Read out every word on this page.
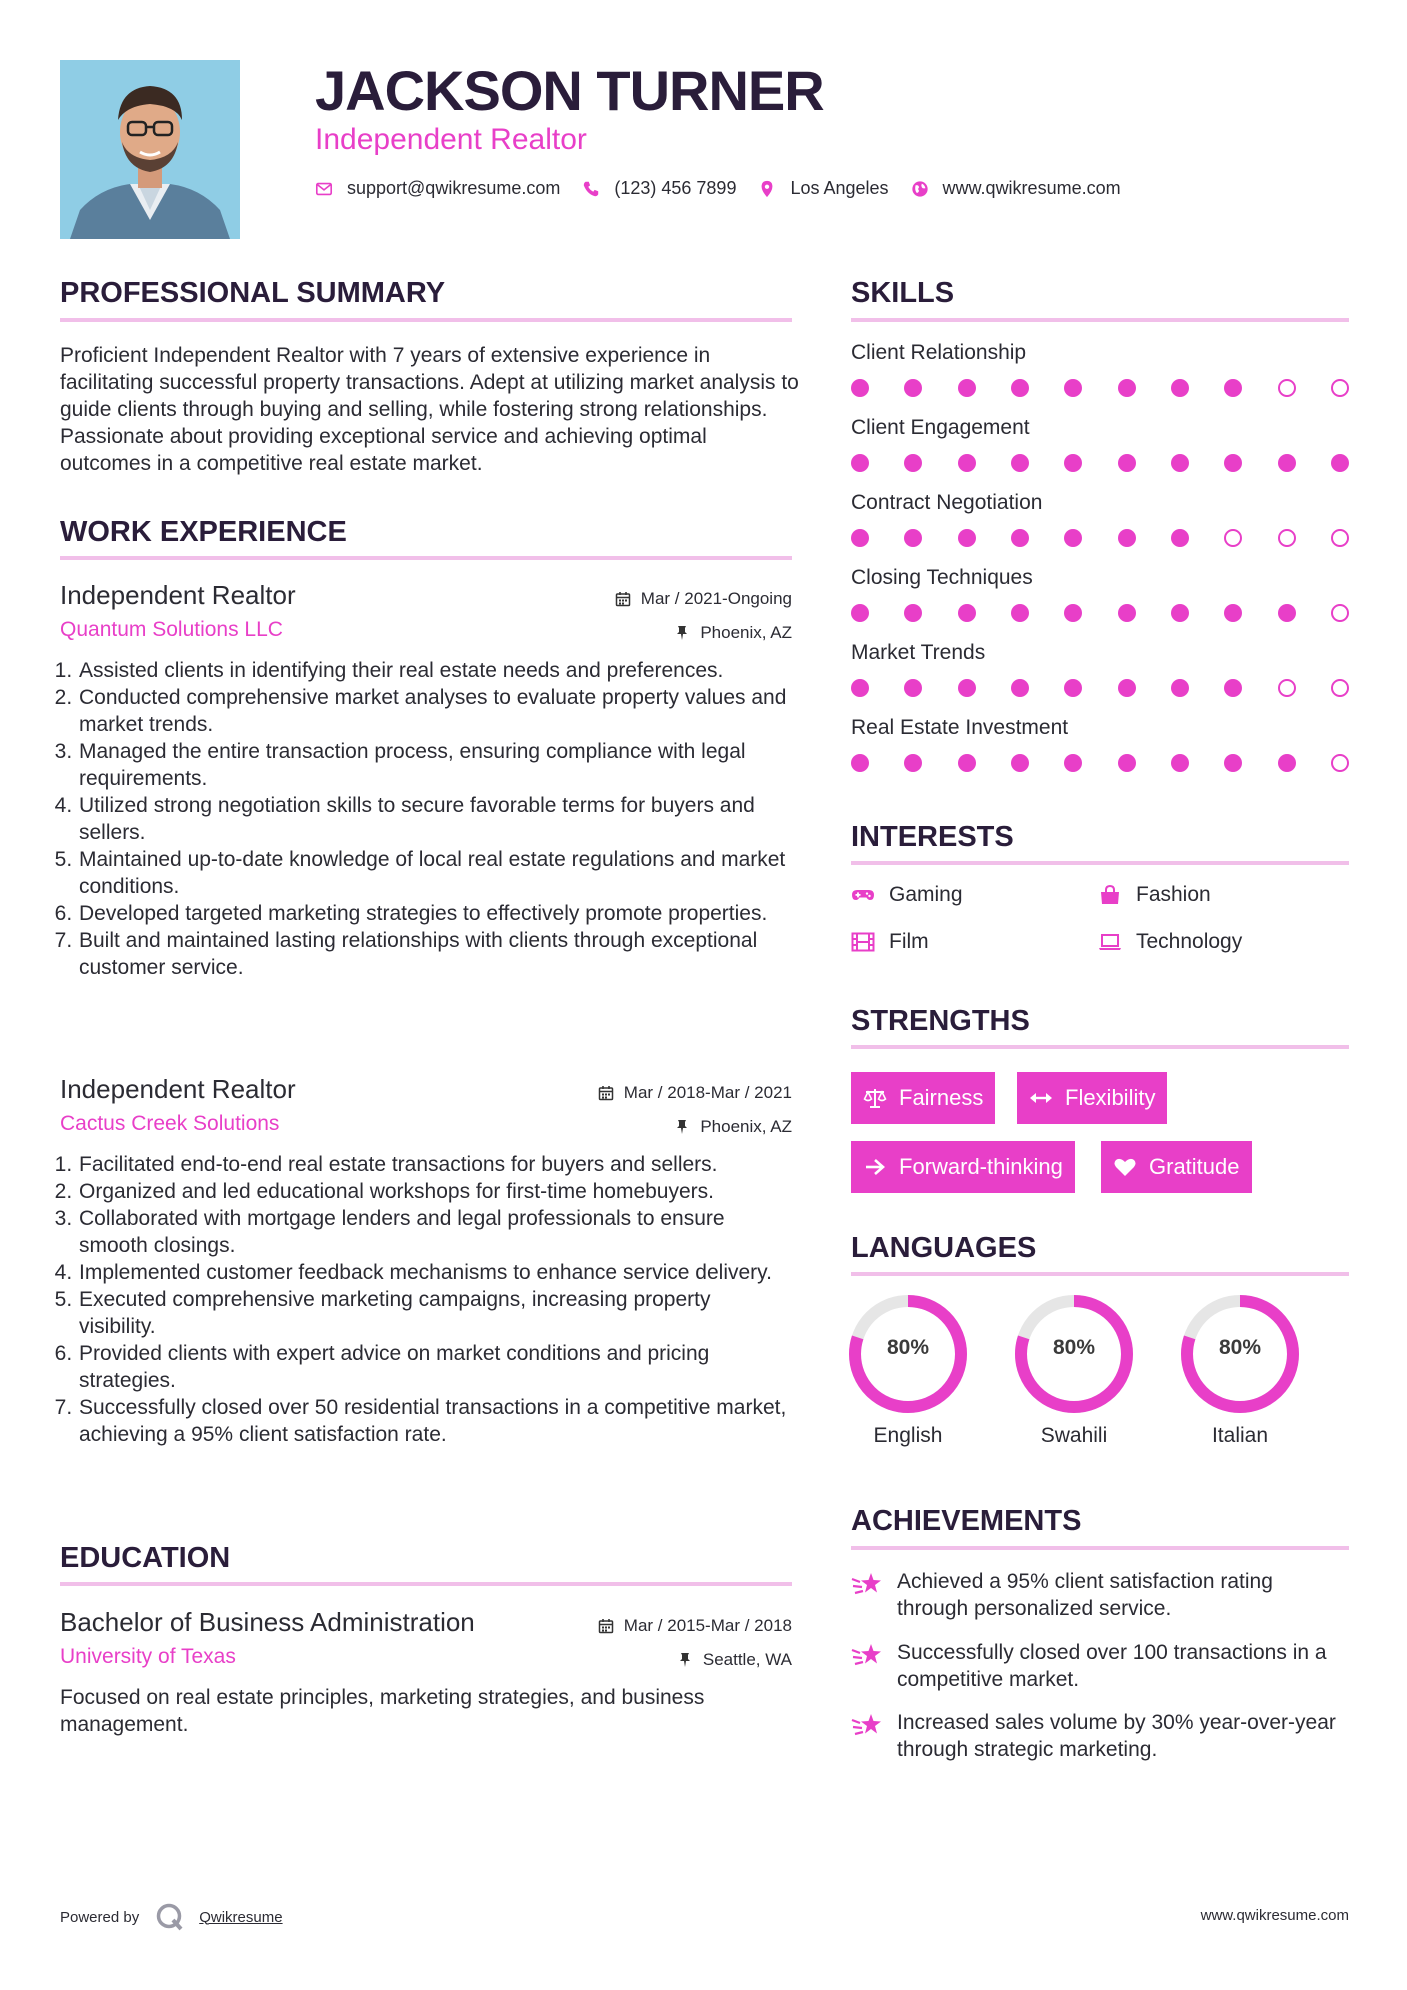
JACKSON TURNER
Independent Realtor
support@qwikresume.com	(123) 456 7899	Los Angeles	www.qwikresume.com
PROFESSIONAL SUMMARY

Proficient Independent Realtor with 7 years of extensive experience in facilitating successful property transactions. Adept at utilizing market analysis to guide clients through buying and selling, while fostering strong relationships. Passionate about providing exceptional service and achieving optimal outcomes in a competitive real estate market.

WORK EXPERIENCE
Independent Realtor
Quantum Solutions LLC
Mar / 2021-Ongoing
Phoenix, AZ
1. Assisted clients in identifying their real estate needs and preferences.
2. Conducted comprehensive market analyses to evaluate property values and market trends.
3. Managed the entire transaction process, ensuring compliance with legal requirements.
4. Utilized strong negotiation skills to secure favorable terms for buyers and sellers.
5. Maintained up-to-date knowledge of local real estate regulations and market conditions.
6. Developed targeted marketing strategies to effectively promote properties.
7. Built and maintained lasting relationships with clients through exceptional customer service.
Independent Realtor
Cactus Creek Solutions
Mar / 2018-Mar / 2021
Phoenix, AZ
1. Facilitated end-to-end real estate transactions for buyers and sellers.
2. Organized and led educational workshops for first-time homebuyers.
3. Collaborated with mortgage lenders and legal professionals to ensure smooth closings.
4. Implemented customer feedback mechanisms to enhance service delivery.
5. Executed comprehensive marketing campaigns, increasing property visibility.
6. Provided clients with expert advice on market conditions and pricing strategies.
7. Successfully closed over 50 residential transactions in a competitive market, achieving a 95% client satisfaction rate.
EDUCATION
Bachelor of Business Administration
University of Texas
Mar / 2015-Mar / 2018
Seattle, WA

Focused on real estate principles, marketing strategies, and business management.

SKILLS
Client Relationship
Client Engagement
Contract Negotiation
Closing Techniques
Market Trends
Real Estate Investment
INTERESTS
Gaming	Fashion
Film	Technology
STRENGTHS
Fairness	Flexibility
Forward-thinking	Gratitude
LANGUAGES
80%
English
80%
Swahili
80%
Italian
ACHIEVEMENTS
Achieved a 95% client satisfaction rating through personalized service.
Successfully closed over 100 transactions in a competitive market.
Increased sales volume by 30% year-over-year through strategic marketing.
Powered by	Qwikresume	www.qwikresume.com
